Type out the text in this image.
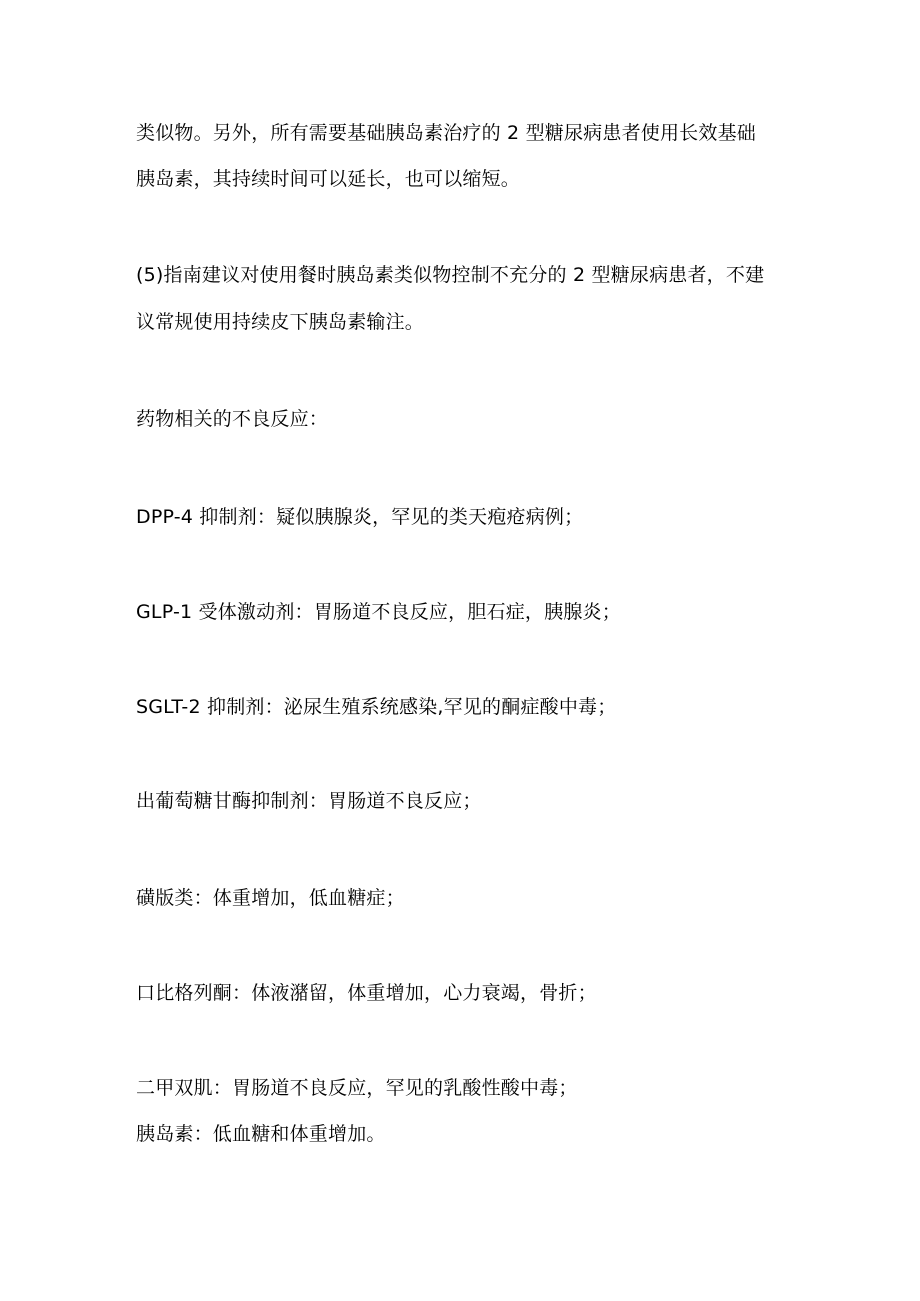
类似物。另外，所有需要基础胰岛素治疗的 2 型糖尿病患者使用长效基础

胰岛素，其持续时间可以延长，也可以缩短。

(5)指南建议对使用餐时胰岛素类似物控制不充分的 2 型糖尿病患者，不建

议常规使用持续皮下胰岛素输注。

药物相关的不良反应：

DPP-4 抑制剂：疑似胰腺炎，罕见的类天疱疮病例；

GLP-1 受体激动剂：胃肠道不良反应，胆石症，胰腺炎；

SGLT-2 抑制剂：泌尿生殖系统感染,罕见的酮症酸中毒；

出葡萄糖甘酶抑制剂：胃肠道不良反应；

磺版类：体重增加，低血糖症；

口比格列酮：体液潴留，体重增加，心力衰竭，骨折；

二甲双肌：胃肠道不良反应，罕见的乳酸性酸中毒；

胰岛素：低血糖和体重增加。
